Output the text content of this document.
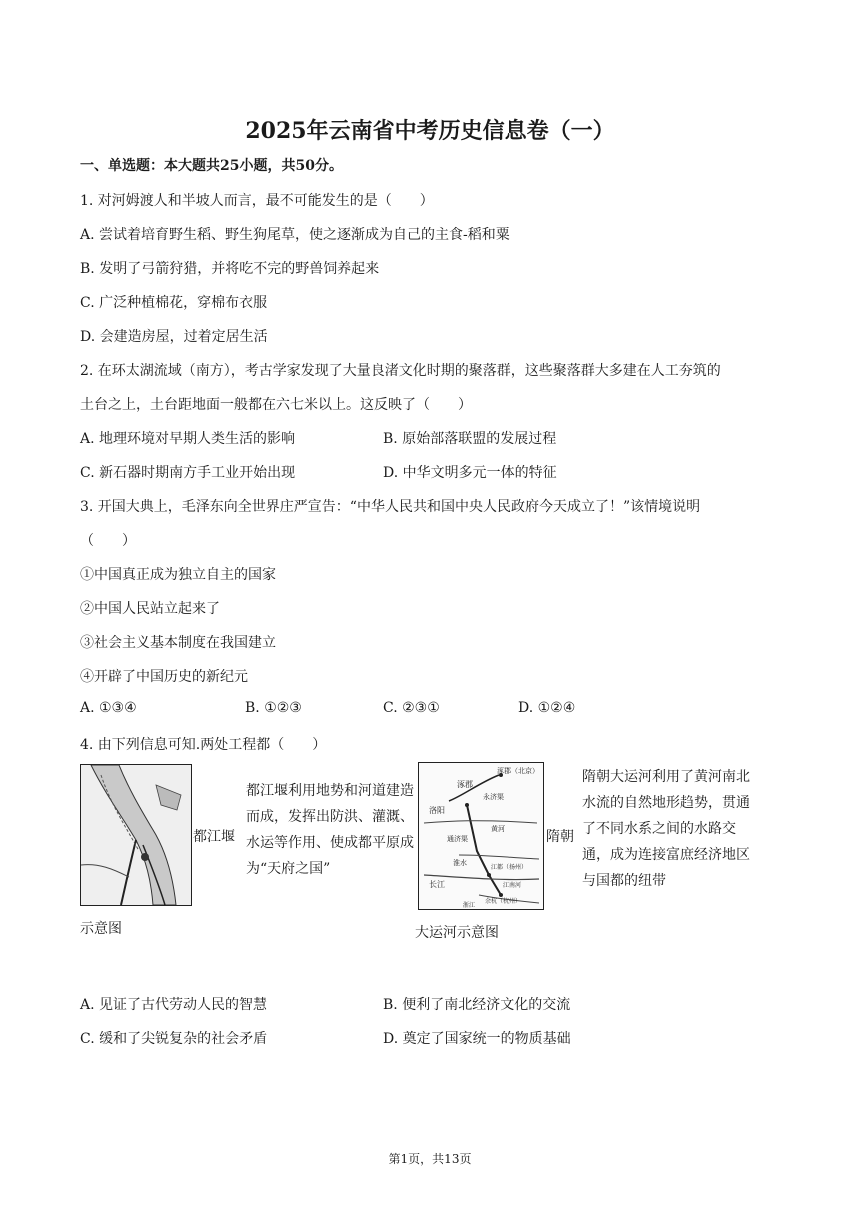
2025年云南省中考历史信息卷（一）
一、单选题：本大题共25小题，共50分。
1. 对河姆渡人和半坡人而言，最不可能发生的是（　　）
A. 尝试着培育野生稻、野生狗尾草，使之逐渐成为自己的主食-稻和粟
B. 发明了弓箭狩猎，并将吃不完的野兽饲养起来
C. 广泛种植棉花，穿棉布衣服
D. 会建造房屋，过着定居生活
2. 在环太湖流域（南方），考古学家发现了大量良渚文化时期的聚落群，这些聚落群大多建在人工夯筑的
土台之上，土台距地面一般都在六七米以上。这反映了（　　）
A. 地理环境对早期人类生活的影响	B. 原始部落联盟的发展过程
C. 新石器时期南方手工业开始出现	D. 中华文明多元一体的特征
3. 开国大典上，毛泽东向全世界庄严宣告：“中华人民共和国中央人民政府今天成立了！”该情境说明
（　　）
①中国真正成为独立自主的国家
②中国人民站立起来了
③社会主义基本制度在我国建立
④开辟了中国历史的新纪元
A. ①③④	B. ①②③	C. ②③①	D. ①②④
4. 由下列信息可知.两处工程都（　　）
都江堰
示意图
都江堰利用地势和河道建造而成，发挥出防洪、灌溉、水运等作用、使成都平原成为“天府之国”
涿郡
涿郡（北京）
洛阳
永济渠
黄河
通济渠
淮水
江都（扬州）
长江	江南河
余杭（杭州）
浙江
隋朝
大运河示意图
隋朝大运河利用了黄河南北水流的自然地形趋势，贯通了不同水系之间的水路交通，成为连接富庶经济地区与国都的纽带
A. 见证了古代劳动人民的智慧	B. 便利了南北经济文化的交流
C. 缓和了尖锐复杂的社会矛盾	D. 奠定了国家统一的物质基础
第1页，共13页
